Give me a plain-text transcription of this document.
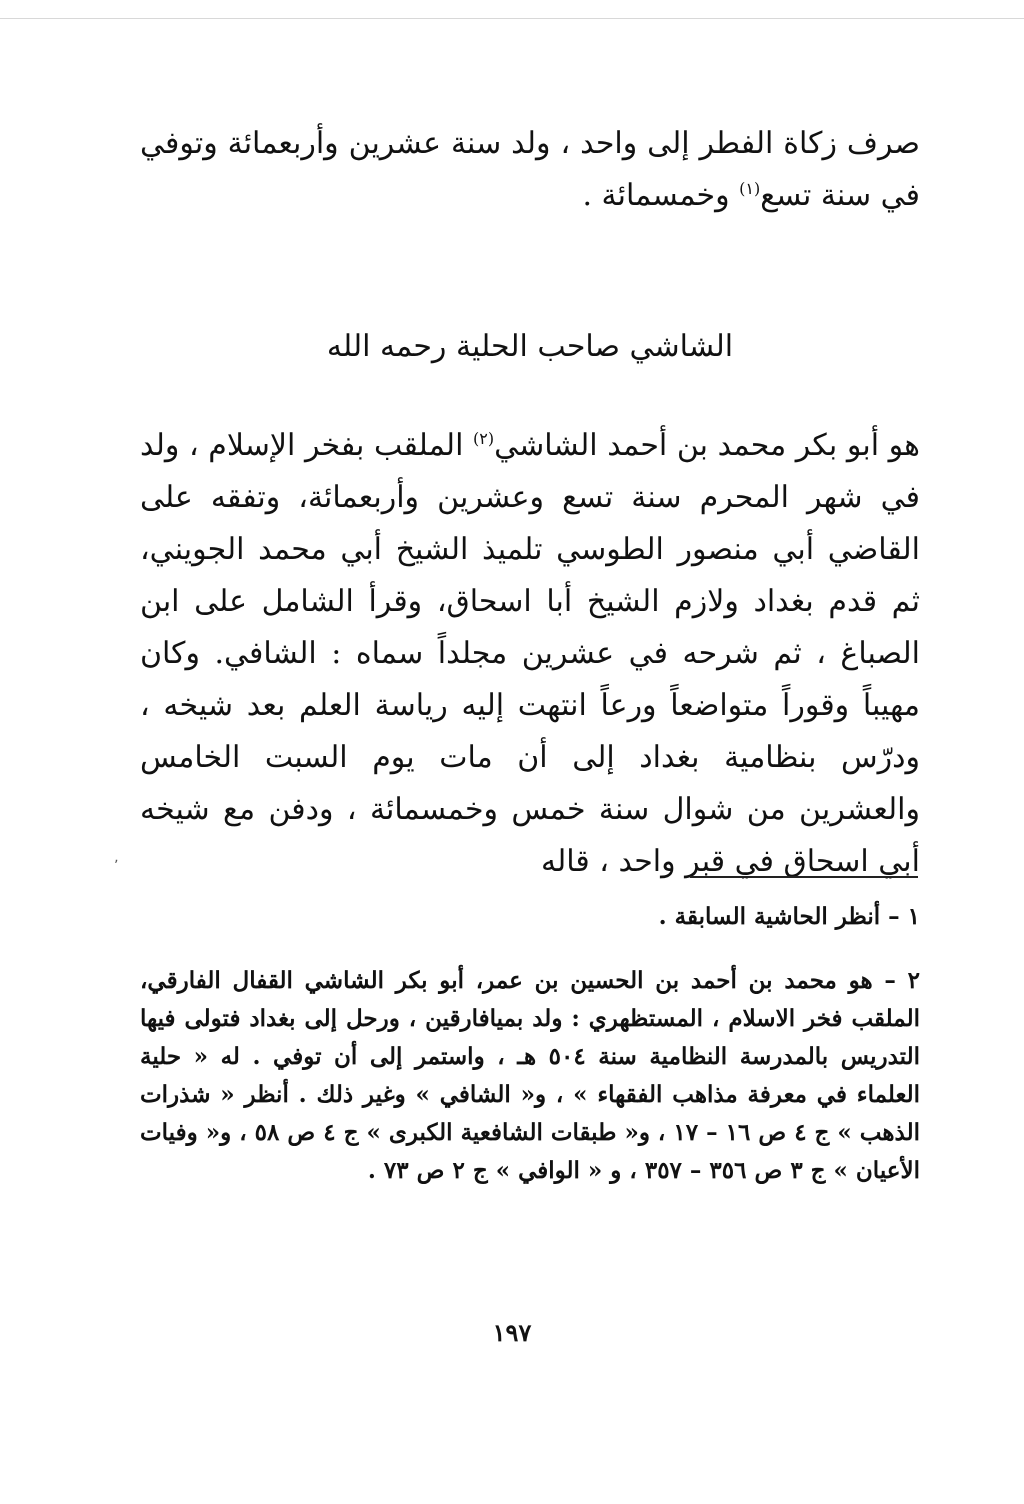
صرف زكاة الفطر إلى واحد ، ولد سنة عشرين وأربعمائة وتوفي في سنة تسع$^{(١)}$ وخمسمائة .
الشاشي صاحب الحلية رحمه الله
هو أبو بكر محمد بن أحمد الشاشي$^{(٢)}$ الملقب بفخر الإسلام ، ولد في شهر المحرم سنة تسع وعشرين وأربعمائة، وتفقه على القاضي أبي منصور الطوسي تلميذ الشيخ أبي محمد الجويني، ثم قدم بغداد ولازم الشيخ أبا اسحاق، وقرأ الشامل على ابن الصباغ ، ثم شرحه في عشرين مجلداً سماه : الشافي. وكان مهيباً وقوراً متواضعاً ورعاً انتهت إليه رياسة العلم بعد شيخه ، ودرّس بنظامية بغداد إلى أن مات يوم السبت الخامس والعشرين من شوال سنة خمس وخمسمائة ، ودفن مع شيخه أبي اسحاق في قبر واحد ، قاله
٬

١ – أنظر الحاشية السابقة .

٢ – هو محمد بن أحمد بن الحسين بن عمر، أبو بكر الشاشي القفال الفارقي، الملقب فخر الاسلام ، المستظهري : ولد بميافارقين ، ورحل إلى بغداد فتولى فيها التدريس بالمدرسة النظامية سنة ٥٠٤ هـ ، واستمر إلى أن توفي . له « حلية العلماء في معرفة مذاهب الفقهاء » ، و« الشافي » وغير ذلك . أنظر « شذرات الذهب » ج ٤ ص ١٦ – ١٧ ، و« طبقات الشافعية الكبرى » ج ٤ ص ٥٨ ، و« وفيات الأعيان » ج ٣ ص ٣٥٦ – ٣٥٧ ، و « الوافي » ج ٢ ص ٧٣ .

١٩٧
